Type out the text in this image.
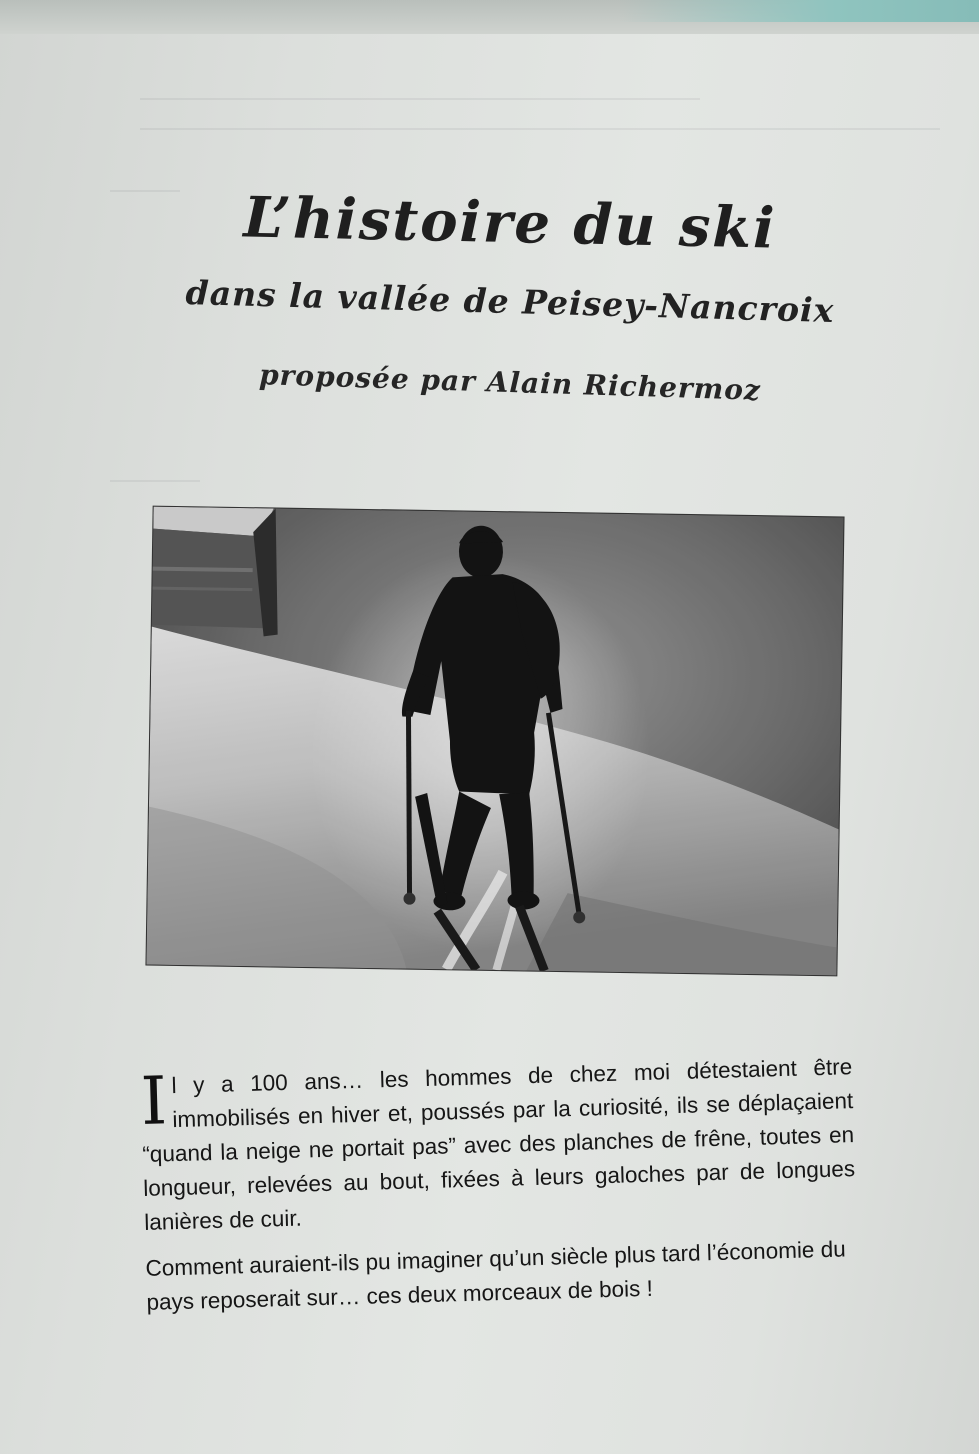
L’histoire du ski
dans la vallée de Peisey-Nancroix
proposée par Alain Richermoz

Il y a 100 ans… les hommes de chez moi détestaient être immobilisés en hiver et, poussés par la curiosité, ils se déplaçaient “quand la neige ne portait pas” avec des planches de frêne, toutes en longueur, relevées au bout, fixées à leurs galoches par de longues lanières de cuir.

Comment auraient-ils pu imaginer qu’un siècle plus tard l’économie du pays reposerait sur… ces deux morceaux de bois !
